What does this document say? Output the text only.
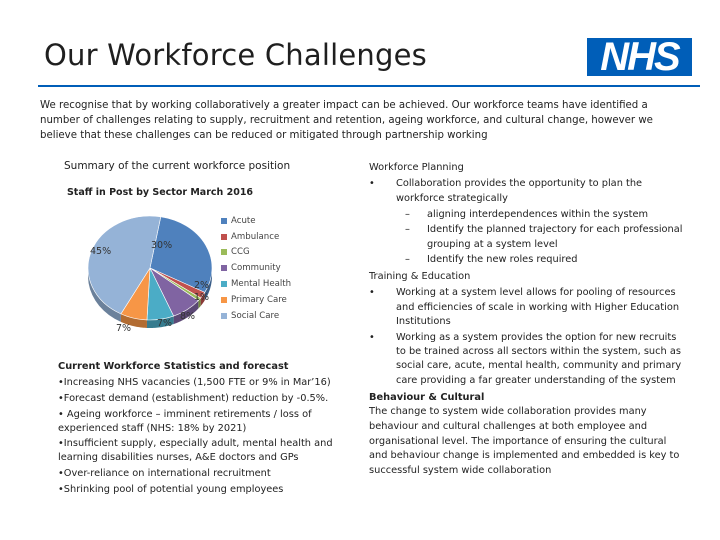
Our Workforce Challenges	NHS
We recognise that by working collaboratively a greater impact can be achieved. Our workforce teams have identified a number of challenges relating to supply, recruitment and retention, ageing workforce, and cultural change, however we believe that these challenges can be reduced or mitigated through partnership working
Summary of the current workforce position
Staff in Post by Sector March 2016
45%
30%
2%
1%
8%
7%
7%
Acute
Ambulance
CCG
Community
Mental Health
Primary Care
Social Care

Current Workforce Statistics and forecast

•Increasing NHS vacancies (1,500 FTE or 9% in Mar’16)

•Forecast demand (establishment) reduction by -0.5%.

• Ageing workforce – imminent retirements / loss of experienced staff (NHS: 18% by 2021)

•Insufficient supply, especially adult, mental health and learning disabilities nurses, A&E doctors and GPs

•Over-reliance on international recruitment

•Shrinking pool of potential young employees

Workforce Planning

• Collaboration provides the opportunity to plan the workforce strategically
– aligning interdependences within the system
– Identify the planned trajectory for each professional grouping at a system level
– Identify the new roles required

Training & Education

• Working at a system level allows for pooling of resources and efficiencies of scale in working with Higher Education Institutions
• Working as a system provides the option for new recruits to be trained across all sectors within the system, such as social care, acute, mental health, community and primary care providing a far greater understanding of the system

Behaviour & Cultural

The change to system wide collaboration provides many behaviour and cultural challenges at both employee and organisational level. The importance of ensuring the cultural and behaviour change is implemented and embedded is key to successful system wide collaboration
